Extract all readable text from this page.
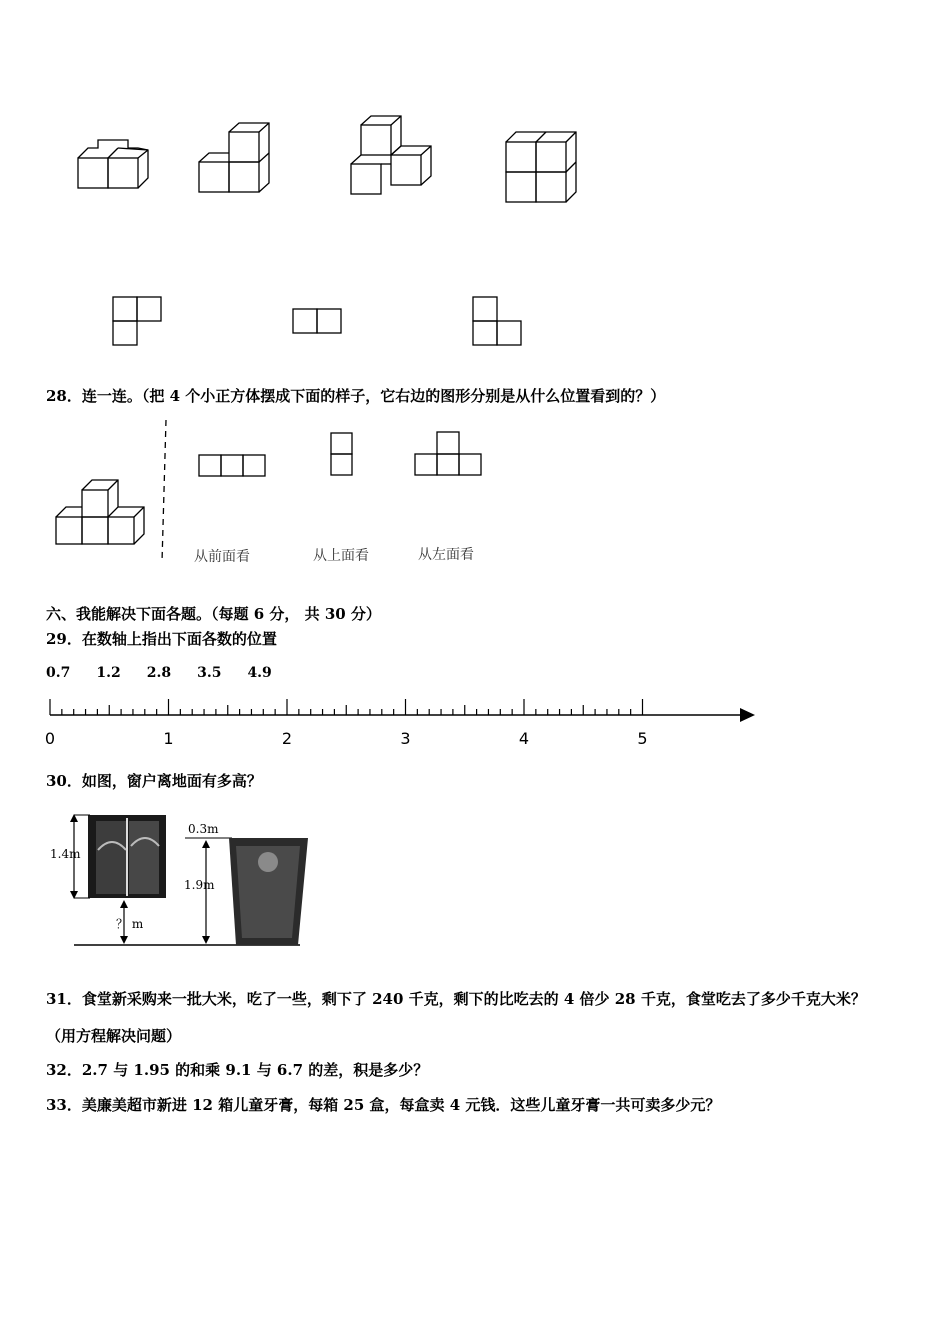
28．连一连。（把 4 个小正方体摆成下面的样子，它右边的图形分别是从什么位置看到的？）
从前面看	从上面看	从左面看
六、我能解决下面各题。（每题 6 分， 共 30 分）
29．在数轴上指出下面各数的位置
0.7 1.2 2.8 3.5 4.9
0	1	2	3	4	5
30．如图，窗户离地面有多高？
1.4m
？ m
0.3m
1.9m
31．食堂新采购来一批大米，吃了一些，剩下了 240 千克，剩下的比吃去的 4 倍少 28 千克，食堂吃去了多少千克大米？
（用方程解决问题）
32．2.7 与 1.95 的和乘 9.1 与 6.7 的差，积是多少？
33．美廉美超市新进 12 箱儿童牙膏，每箱 25 盒，每盒卖 4 元钱．这些儿童牙膏一共可卖多少元？
